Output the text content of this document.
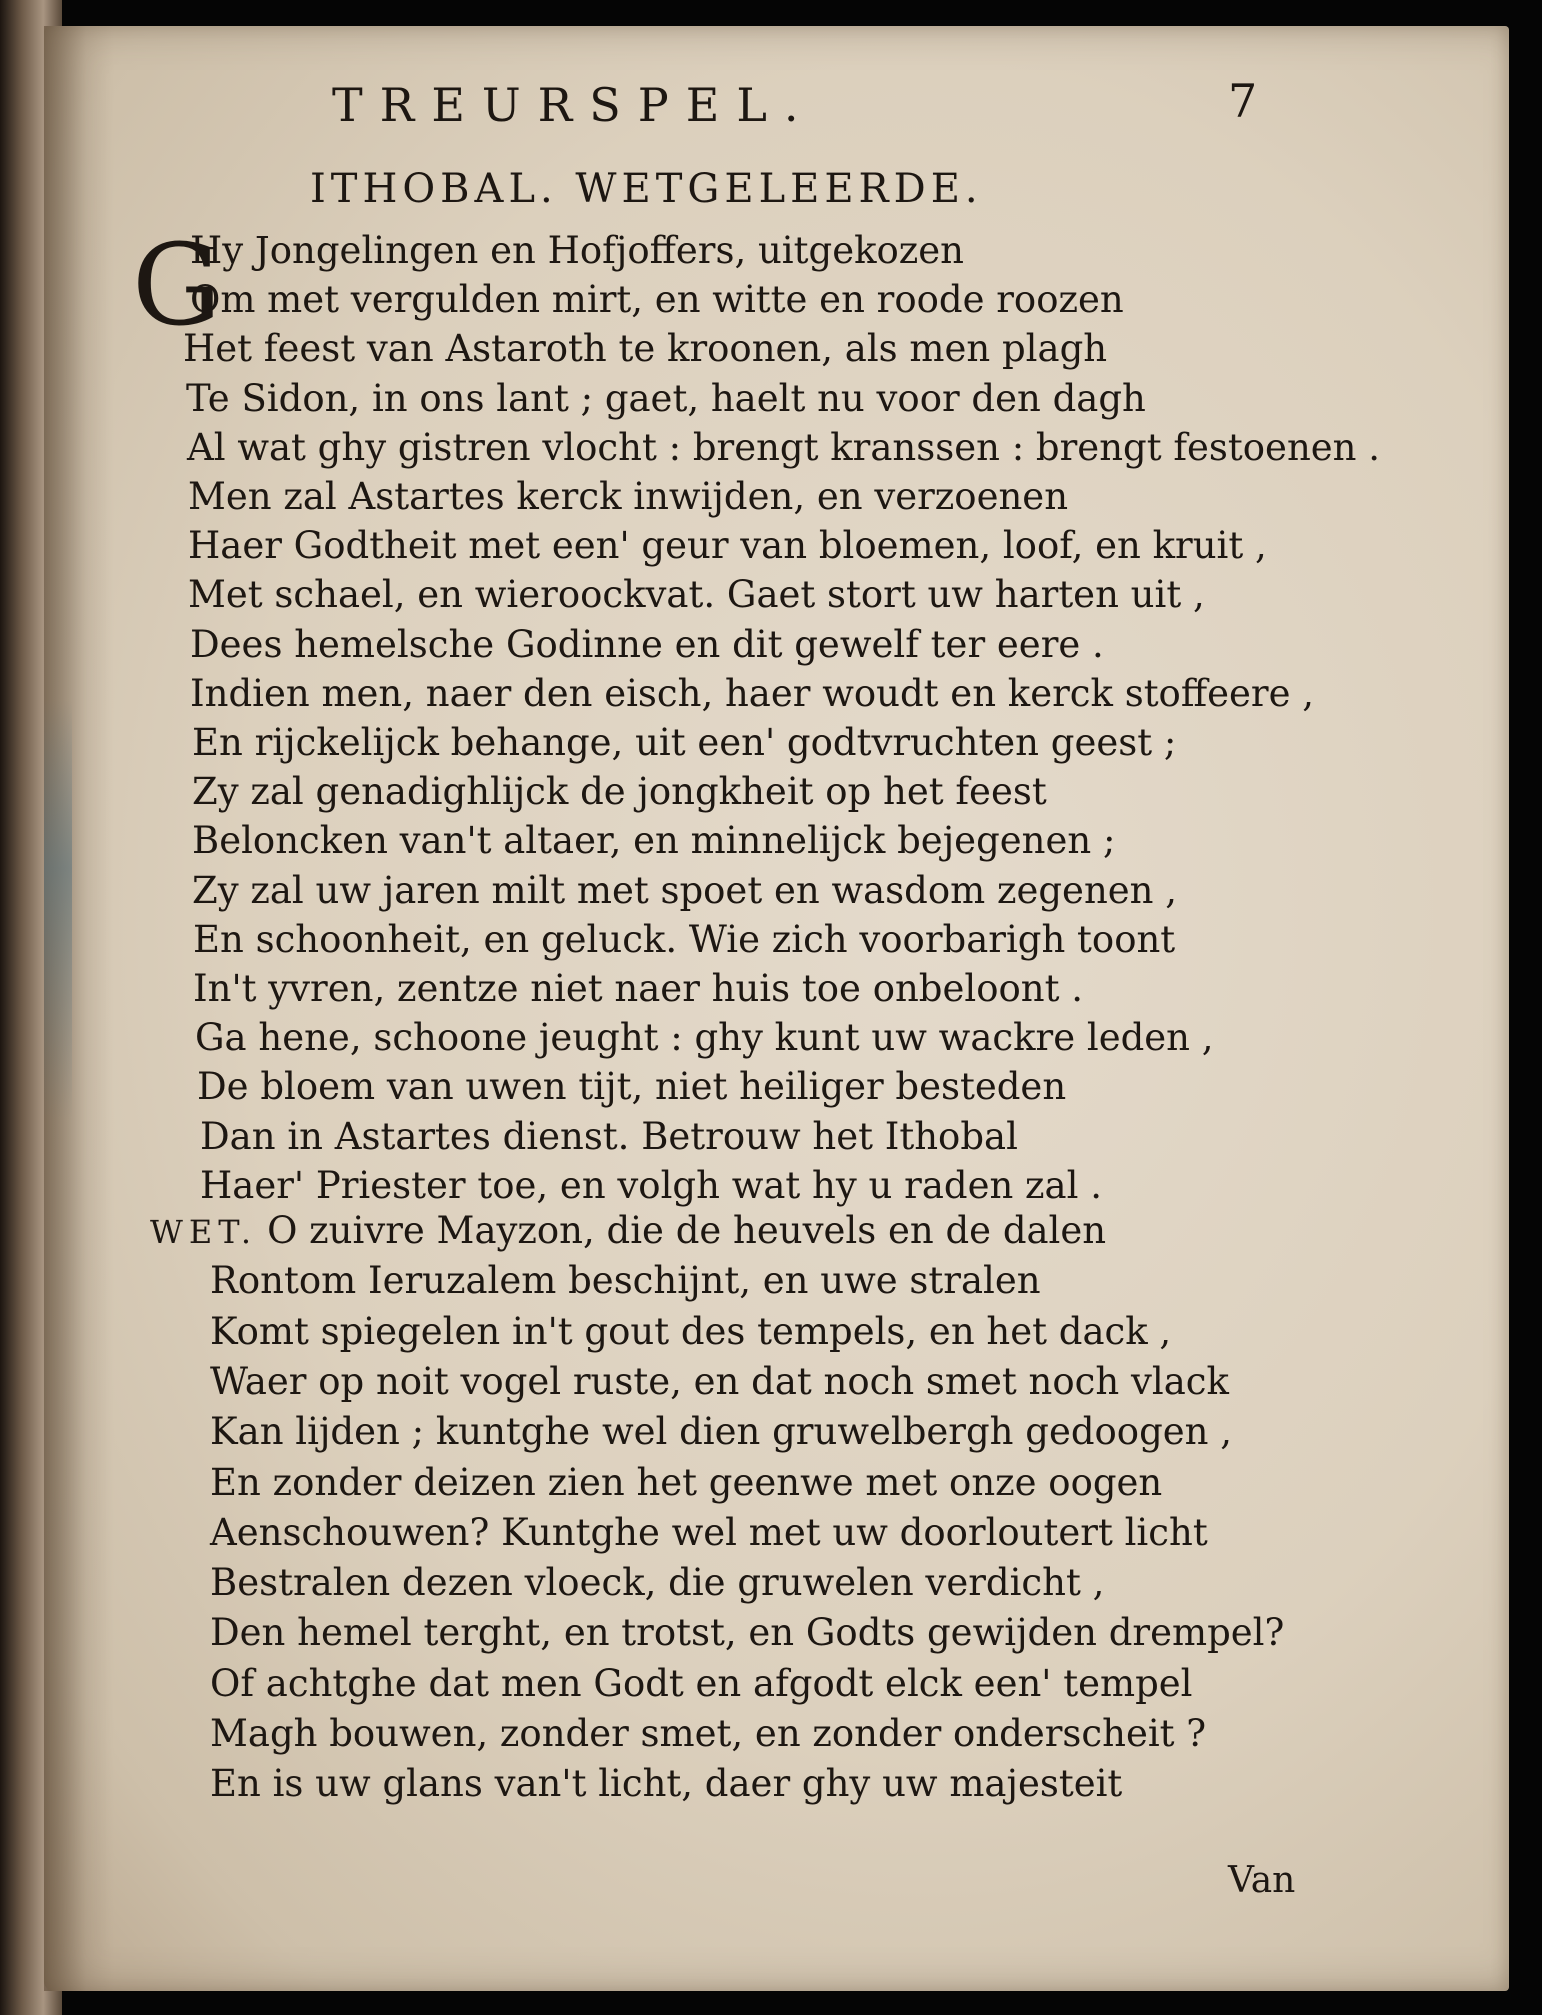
TREURSPEL.	7
ITHOBAL. WETGELEERDE.
G
Hy Jongelingen en Hofjoffers, uitgekozen
Om met vergulden mirt, en witte en roode roozen
Het feest van Astaroth te kroonen, als men plagh
Te Sidon, in ons lant ; gaet, haelt nu voor den dagh
Al wat ghy gistren vlocht : brengt kranssen : brengt festoenen .
Men zal Astartes kerck inwijden, en verzoenen
Haer Godtheit met een' geur van bloemen, loof, en kruit ,
Met schael, en wieroockvat. Gaet stort uw harten uit ,
Dees hemelsche Godinne en dit gewelf ter eere .
Indien men, naer den eisch, haer woudt en kerck stoffeere ,
En rijckelijck behange, uit een' godtvruchten geest ;
Zy zal genadighlijck de jongkheit op het feest
Beloncken van't altaer, en minnelijck bejegenen ;
Zy zal uw jaren milt met spoet en wasdom zegenen ,
En schoonheit, en geluck. Wie zich voorbarigh toont
In't yvren, zentze niet naer huis toe onbeloont .
Ga hene, schoone jeught : ghy kunt uw wackre leden ,
De bloem van uwen tijt, niet heiliger besteden
Dan in Astartes dienst. Betrouw het Ithobal
Haer' Priester toe, en volgh wat hy u raden zal .
WET. O zuivre Mayzon, die de heuvels en de dalen
Rontom Ieruzalem beschijnt, en uwe stralen
Komt spiegelen in't gout des tempels, en het dack ,
Waer op noit vogel ruste, en dat noch smet noch vlack
Kan lijden ; kuntghe wel dien gruwelbergh gedoogen ,
En zonder deizen zien het geenwe met onze oogen
Aenschouwen? Kuntghe wel met uw doorloutert licht
Bestralen dezen vloeck, die gruwelen verdicht ,
Den hemel terght, en trotst, en Godts gewijden drempel?
Of achtghe dat men Godt en afgodt elck een' tempel
Magh bouwen, zonder smet, en zonder onderscheit ?
En is uw glans van't licht, daer ghy uw majesteit
Van
